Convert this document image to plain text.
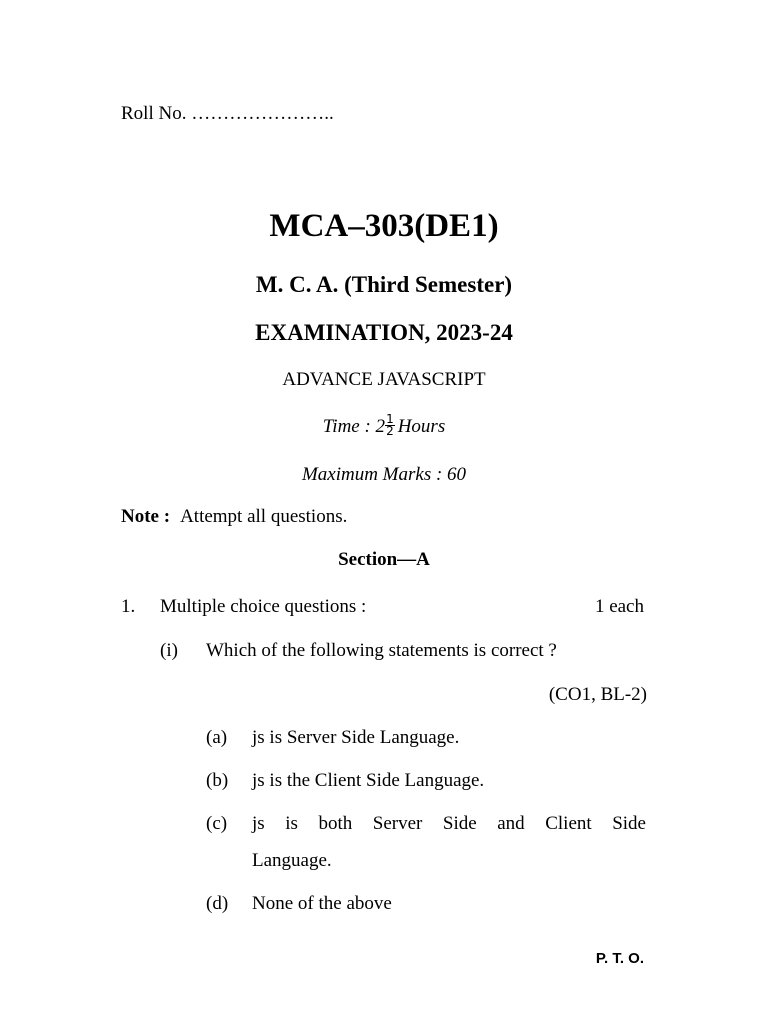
Roll No. …………………..
MCA–303(DE1)
M. C. A. (Third Semester)
EXAMINATION, 2023-24
ADVANCE JAVASCRIPT
Time : $2 \frac{1}{2}$ Hours
Maximum Marks : 60
Note : Attempt all questions.
Section—A
1. Multiple choice questions :	1 each
(i) Which of the following statements is correct ?
(CO1, BL-2)
(a) js is Server Side Language.
(b) js is the Client Side Language.
(c) js is both Server Side and Client Side
Language.
(d) None of the above
P. T. O.
